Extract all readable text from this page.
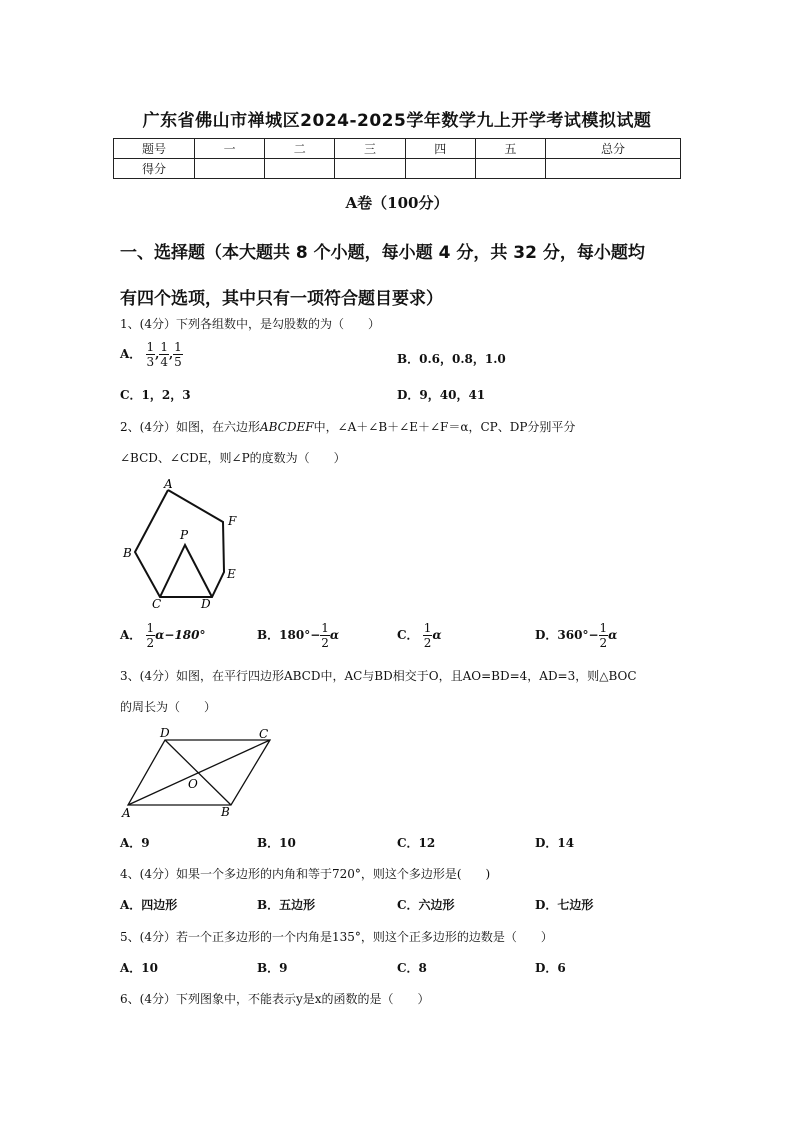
广东省佛山市禅城区2024-2025学年数学九上开学考试模拟试题
题号	一	二	三	四	五	总分
得分						
A卷（100分）
一、选择题（本大题共 8 个小题，每小题 4 分，共 32 分，每小题均
有四个选项，其中只有一项符合题目要求）
1、(4分）下列各组数中，是勾股数的为（　　）
A． $\frac{1}{3}$ , $\frac{1}{4}$ , $\frac{1}{5}$	B．0.6，0.8，1.0
C．1，2，3	D．9，40，41
2、(4分）如图，在六边形ABCDEF中，∠A＋∠B＋∠E＋∠F＝α，CP、DP分别平分
∠BCD、∠CDE，则∠P的度数为（　　）
A
F
P
B
E
C	D
A． $\frac{1}{2} \alpha-180^\circ$	B．$180^\circ- \frac{1}{2}$ α	C． $\frac{1}{2}$ α	D．$360^\circ- \frac{1}{2}$ α
3、(4分）如图，在平行四边形ABCD中，AC与BD相交于O，且AO=BD=4，AD=3，则△BOC
的周长为（　　）
D	C
O
A	B
A．9	B．10	C．12	D．14
4、(4分）如果一个多边形的内角和等于720°，则这个多边形是(　　)
A．四边形	B．五边形	C．六边形	D．七边形
5、(4分）若一个正多边形的一个内角是135°，则这个正多边形的边数是（　　）
A．10	B．9	C．8	D．6
6、(4分）下列图象中，不能表示y是x的函数的是（　　）
